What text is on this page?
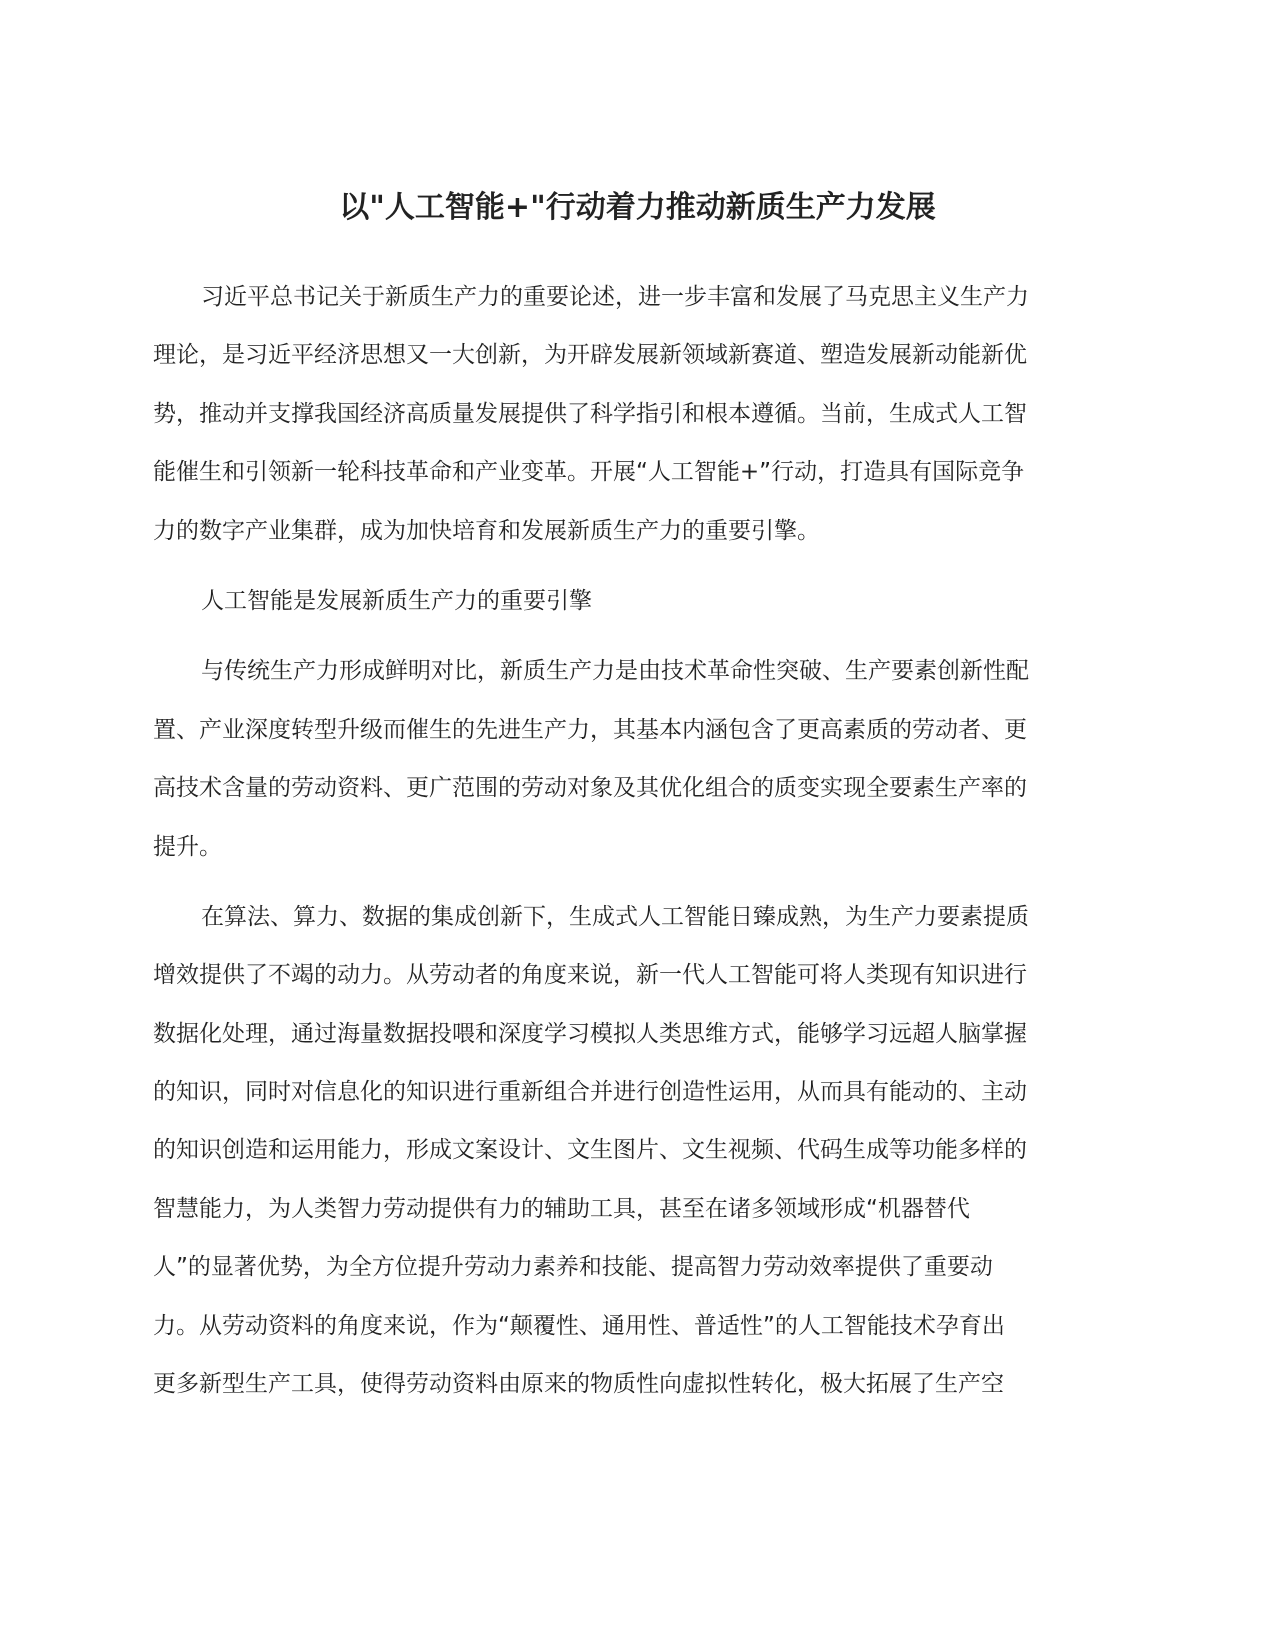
以"人工智能+"行动着力推动新质生产力发展
习近平总书记关于新质生产力的重要论述，进一步丰富和发展了马克思主义生产力
理论，是习近平经济思想又一大创新，为开辟发展新领域新赛道、塑造发展新动能新优
势，推动并支撑我国经济高质量发展提供了科学指引和根本遵循。当前，生成式人工智
能催生和引领新一轮科技革命和产业变革。开展“人工智能+”行动，打造具有国际竞争
力的数字产业集群，成为加快培育和发展新质生产力的重要引擎。
人工智能是发展新质生产力的重要引擎
与传统生产力形成鲜明对比，新质生产力是由技术革命性突破、生产要素创新性配
置、产业深度转型升级而催生的先进生产力，其基本内涵包含了更高素质的劳动者、更
高技术含量的劳动资料、更广范围的劳动对象及其优化组合的质变实现全要素生产率的
提升。
在算法、算力、数据的集成创新下，生成式人工智能日臻成熟，为生产力要素提质
增效提供了不竭的动力。从劳动者的角度来说，新一代人工智能可将人类现有知识进行
数据化处理，通过海量数据投喂和深度学习模拟人类思维方式，能够学习远超人脑掌握
的知识，同时对信息化的知识进行重新组合并进行创造性运用，从而具有能动的、主动
的知识创造和运用能力，形成文案设计、文生图片、文生视频、代码生成等功能多样的
智慧能力，为人类智力劳动提供有力的辅助工具，甚至在诸多领域形成“机器替代
人”的显著优势，为全方位提升劳动力素养和技能、提高智力劳动效率提供了重要动
力。从劳动资料的角度来说，作为“颠覆性、通用性、普适性”的人工智能技术孕育出
更多新型生产工具，使得劳动资料由原来的物质性向虚拟性转化，极大拓展了生产空
